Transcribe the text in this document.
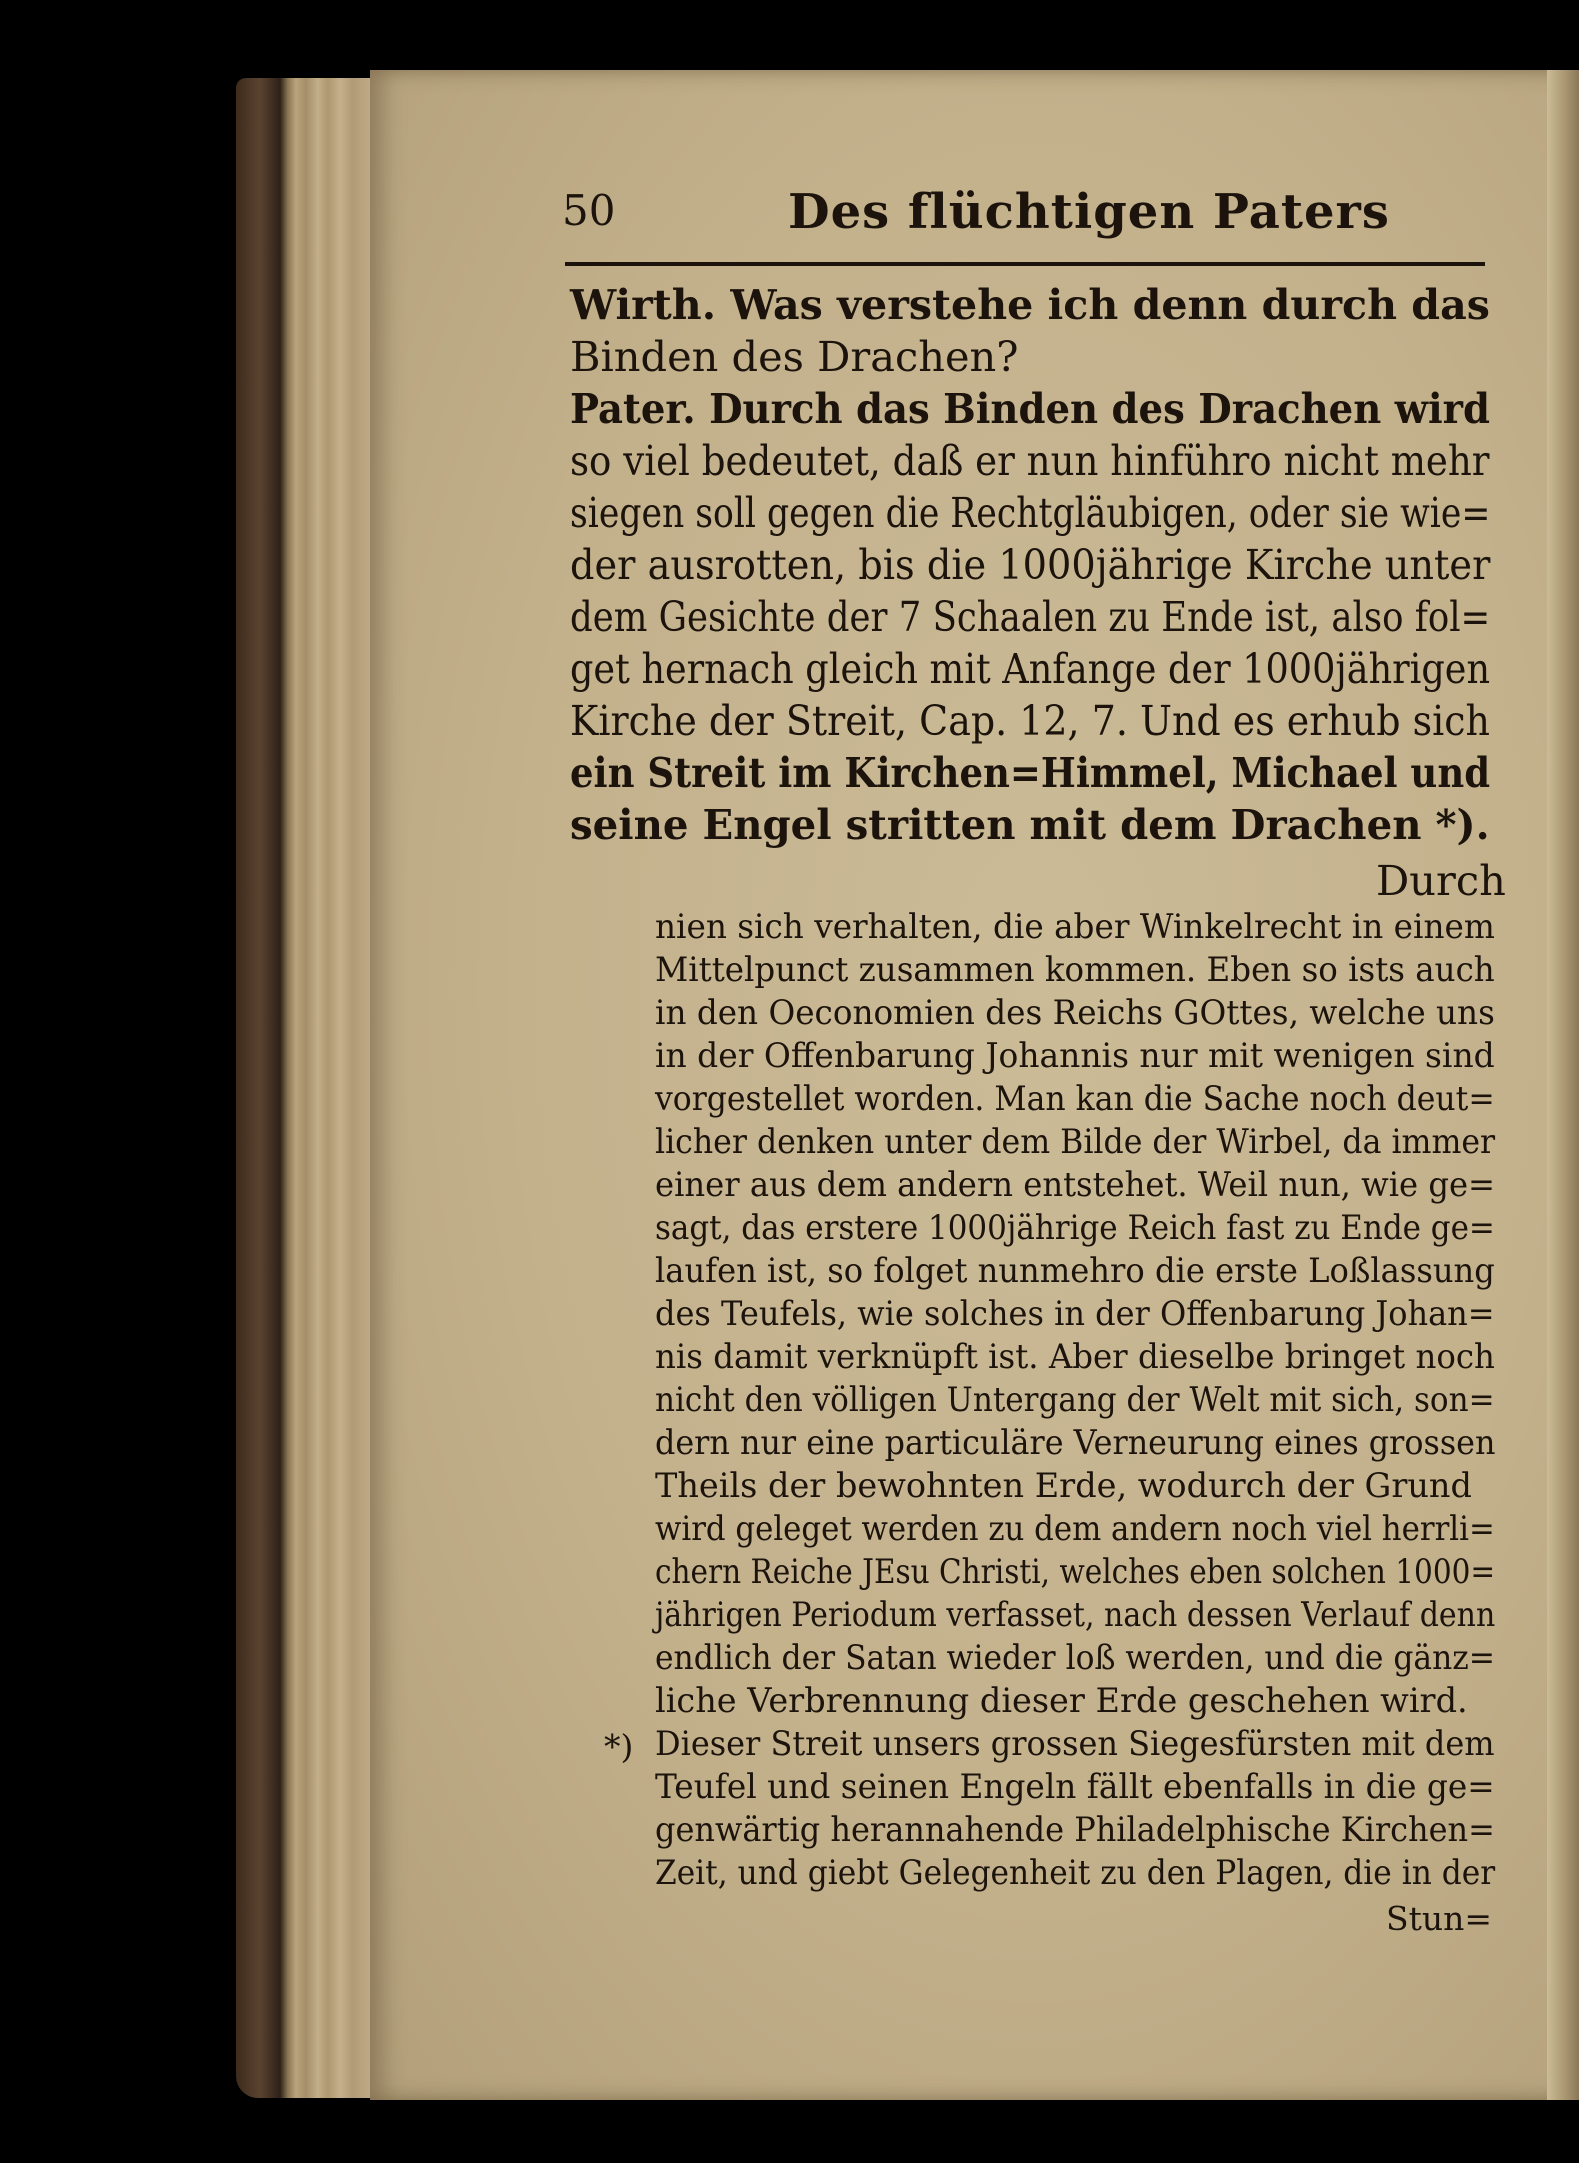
50	Des flüchtigen Paters
Wirth. Was verstehe ich denn durch das
Binden des Drachen?
Pater. Durch das Binden des Drachen wird
so viel bedeutet, daß er nun hinführo nicht mehr
siegen soll gegen die Rechtgläubigen, oder sie wie=
der ausrotten, bis die 1000jährige Kirche unter
dem Gesichte der 7 Schaalen zu Ende ist, also fol=
get hernach gleich mit Anfange der 1000jährigen
Kirche der Streit, Cap. 12, 7. Und es erhub sich
ein Streit im Kirchen=Himmel, Michael und
seine Engel stritten mit dem Drachen *).
Durch
nien sich verhalten, die aber Winkelrecht in einem
Mittelpunct zusammen kommen. Eben so ists auch
in den Oeconomien des Reichs GOttes, welche uns
in der Offenbarung Johannis nur mit wenigen sind
vorgestellet worden. Man kan die Sache noch deut=
licher denken unter dem Bilde der Wirbel, da immer
einer aus dem andern entstehet. Weil nun, wie ge=
sagt, das erstere 1000jährige Reich fast zu Ende ge=
laufen ist, so folget nunmehro die erste Loßlassung
des Teufels, wie solches in der Offenbarung Johan=
nis damit verknüpft ist. Aber dieselbe bringet noch
nicht den völligen Untergang der Welt mit sich, son=
dern nur eine particuläre Verneurung eines grossen
Theils der bewohnten Erde, wodurch der Grund
wird geleget werden zu dem andern noch viel herrli=
chern Reiche JEsu Christi, welches eben solchen 1000=
jährigen Periodum verfasset, nach dessen Verlauf denn
endlich der Satan wieder loß werden, und die gänz=
liche Verbrennung dieser Erde geschehen wird.
*) Dieser Streit unsers grossen Siegesfürsten mit dem
Teufel und seinen Engeln fällt ebenfalls in die ge=
genwärtig herannahende Philadelphische Kirchen=
Zeit, und giebt Gelegenheit zu den Plagen, die in der
Stun=
